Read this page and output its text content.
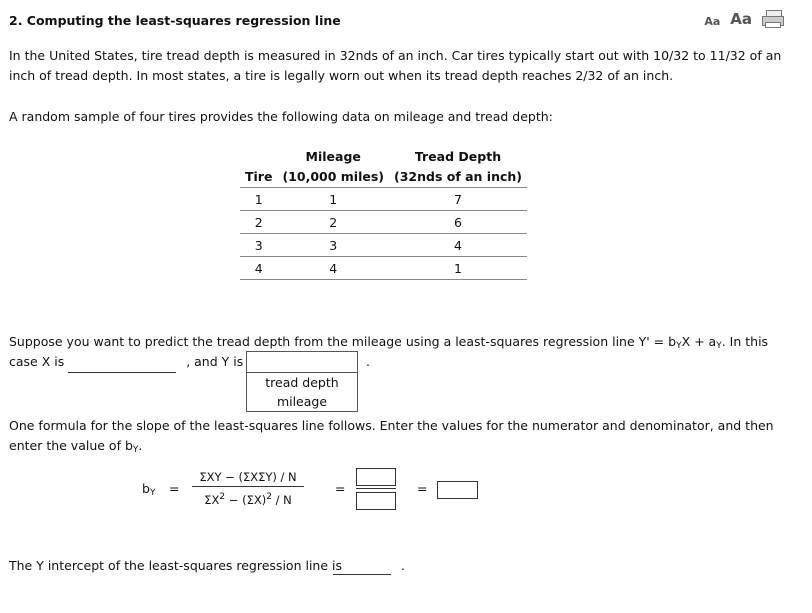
2. Computing the least-squares regression line	Aa Aa
In the United States, tire tread depth is measured in 32nds of an inch. Car tires typically start out with 10/32 to 11/32 of an
inch of tread depth. In most states, a tire is legally worn out when its tread depth reaches 2/32 of an inch.
A random sample of four tires provides the following data on mileage and tread depth:
	Mileage	Tread Depth
Tire	(10,000 miles)	(32nds of an inch)
1	1	7
2	2	6
3	3	4
4	4	1
Suppose you want to predict the tread depth from the mileage using a least-squares regression line $Y' = b_YX + a_Y$. In this
case X is	, and Y is	.
tread depth
mileage
One formula for the slope of the least-squares line follows. Enter the values for the numerator and denominator, and then
enter the value of $b_Y$.
$b_Y$ =
ΣXY − (ΣXΣY) / N
$\Sigma X^2 - (\Sigma X)^2 / N$
=	=
The Y intercept of the least-squares regression line is	.
